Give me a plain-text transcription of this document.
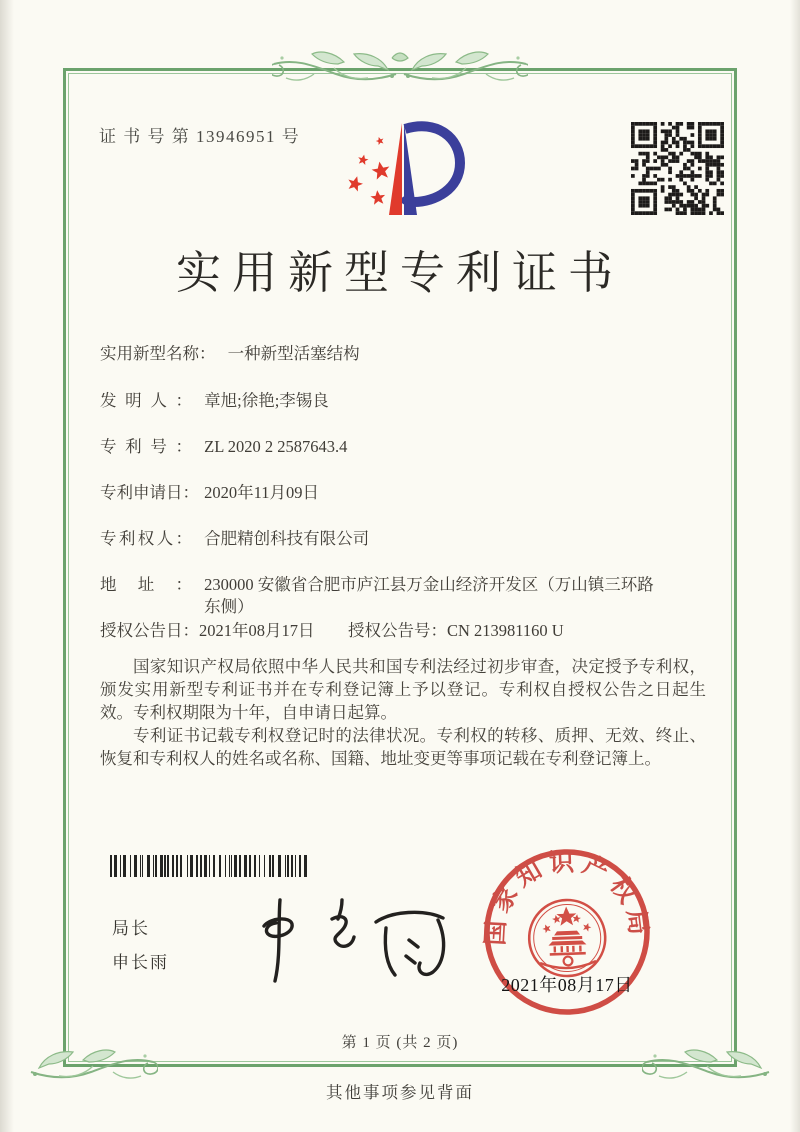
证 书 号 第 13946951 号
实用新型专利证书
实用新型名称： 一种新型活塞结构
发明人： 章旭;徐艳;李锡良
专利号： ZL 2020 2 2587643.4
专利申请日： 2020年11月09日
专利权人： 合肥精创科技有限公司
地址： 230000 安徽省合肥市庐江县万金山经济开发区（万山镇三环路东侧）
授权公告日：2021年08月17日 授权公告号：CN 213981160 U
国家知识产权局依照中华人民共和国专利法经过初步审查，决定授予专利权，颁发实用新型专利证书并在专利登记簿上予以登记。专利权自授权公告之日起生效。专利权期限为十年，自申请日起算。
专利证书记载专利权登记时的法律状况。专利权的转移、质押、无效、终止、恢复和专利权人的姓名或名称、国籍、地址变更等事项记载在专利登记簿上。
局长
申长雨
国家知识产权局
2021年08月17日
第 1 页 (共 2 页)
其他事项参见背面
